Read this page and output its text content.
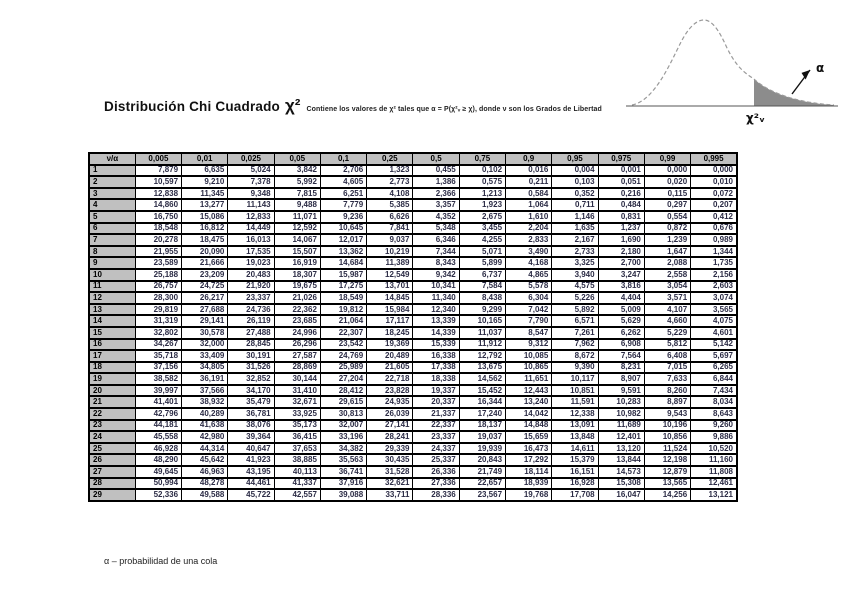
Distribución Chi Cuadrado χ² Contiene los valores de χ² tales que α = P(χ²ᵥ ≥ χ), donde ν son los Grados de Libertad
α
χ²ᵥ
ν/α	0,005	0,01	0,025	0,05	0,1	0,25	0,5	0,75	0,9	0,95	0,975	0,99	0,995
1	7,879	6,635	5,024	3,842	2,706	1,323	0,455	0,102	0,016	0,004	0,001	0,000	0,000
2	10,597	9,210	7,378	5,992	4,605	2,773	1,386	0,575	0,211	0,103	0,051	0,020	0,010
3	12,838	11,345	9,348	7,815	6,251	4,108	2,366	1,213	0,584	0,352	0,216	0,115	0,072
4	14,860	13,277	11,143	9,488	7,779	5,385	3,357	1,923	1,064	0,711	0,484	0,297	0,207
5	16,750	15,086	12,833	11,071	9,236	6,626	4,352	2,675	1,610	1,146	0,831	0,554	0,412
6	18,548	16,812	14,449	12,592	10,645	7,841	5,348	3,455	2,204	1,635	1,237	0,872	0,676
7	20,278	18,475	16,013	14,067	12,017	9,037	6,346	4,255	2,833	2,167	1,690	1,239	0,989
8	21,955	20,090	17,535	15,507	13,362	10,219	7,344	5,071	3,490	2,733	2,180	1,647	1,344
9	23,589	21,666	19,023	16,919	14,684	11,389	8,343	5,899	4,168	3,325	2,700	2,088	1,735
10	25,188	23,209	20,483	18,307	15,987	12,549	9,342	6,737	4,865	3,940	3,247	2,558	2,156
11	26,757	24,725	21,920	19,675	17,275	13,701	10,341	7,584	5,578	4,575	3,816	3,054	2,603
12	28,300	26,217	23,337	21,026	18,549	14,845	11,340	8,438	6,304	5,226	4,404	3,571	3,074
13	29,819	27,688	24,736	22,362	19,812	15,984	12,340	9,299	7,042	5,892	5,009	4,107	3,565
14	31,319	29,141	26,119	23,685	21,064	17,117	13,339	10,165	7,790	6,571	5,629	4,660	4,075
15	32,802	30,578	27,488	24,996	22,307	18,245	14,339	11,037	8,547	7,261	6,262	5,229	4,601
16	34,267	32,000	28,845	26,296	23,542	19,369	15,339	11,912	9,312	7,962	6,908	5,812	5,142
17	35,718	33,409	30,191	27,587	24,769	20,489	16,338	12,792	10,085	8,672	7,564	6,408	5,697
18	37,156	34,805	31,526	28,869	25,989	21,605	17,338	13,675	10,865	9,390	8,231	7,015	6,265
19	38,582	36,191	32,852	30,144	27,204	22,718	18,338	14,562	11,651	10,117	8,907	7,633	6,844
20	39,997	37,566	34,170	31,410	28,412	23,828	19,337	15,452	12,443	10,851	9,591	8,260	7,434
21	41,401	38,932	35,479	32,671	29,615	24,935	20,337	16,344	13,240	11,591	10,283	8,897	8,034
22	42,796	40,289	36,781	33,925	30,813	26,039	21,337	17,240	14,042	12,338	10,982	9,543	8,643
23	44,181	41,638	38,076	35,173	32,007	27,141	22,337	18,137	14,848	13,091	11,689	10,196	9,260
24	45,558	42,980	39,364	36,415	33,196	28,241	23,337	19,037	15,659	13,848	12,401	10,856	9,886
25	46,928	44,314	40,647	37,653	34,382	29,339	24,337	19,939	16,473	14,611	13,120	11,524	10,520
26	48,290	45,642	41,923	38,885	35,563	30,435	25,337	20,843	17,292	15,379	13,844	12,198	11,160
27	49,645	46,963	43,195	40,113	36,741	31,528	26,336	21,749	18,114	16,151	14,573	12,879	11,808
28	50,994	48,278	44,461	41,337	37,916	32,621	27,336	22,657	18,939	16,928	15,308	13,565	12,461
29	52,336	49,588	45,722	42,557	39,088	33,711	28,336	23,567	19,768	17,708	16,047	14,256	13,121
α – probabilidad de una cola
